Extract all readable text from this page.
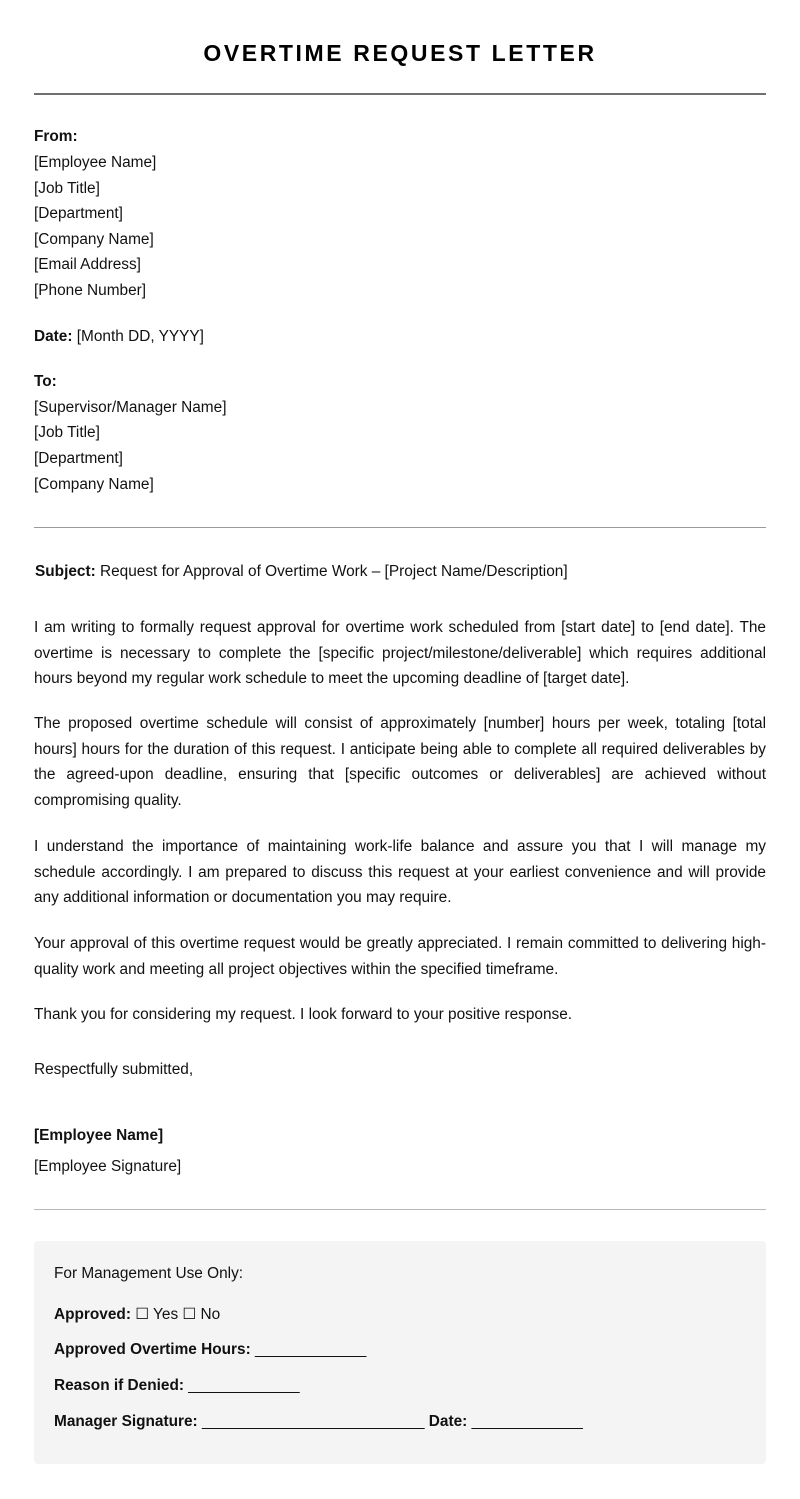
OVERTIME REQUEST LETTER
From:
[Employee Name]
[Job Title]
[Department]
[Company Name]
[Email Address]
[Phone Number]
Date: [Month DD, YYYY]
To:
[Supervisor/Manager Name]
[Job Title]
[Department]
[Company Name]
Subject: Request for Approval of Overtime Work – [Project Name/Description]
I am writing to formally request approval for overtime work scheduled from [start date] to [end date]. The overtime is necessary to complete the [specific project/milestone/deliverable] which requires additional hours beyond my regular work schedule to meet the upcoming deadline of [target date].
The proposed overtime schedule will consist of approximately [number] hours per week, totaling [total hours] hours for the duration of this request. I anticipate being able to complete all required deliverables by the agreed-upon deadline, ensuring that [specific outcomes or deliverables] are achieved without compromising quality.
I understand the importance of maintaining work-life balance and assure you that I will manage my schedule accordingly. I am prepared to discuss this request at your earliest convenience and will provide any additional information or documentation you may require.
Your approval of this overtime request would be greatly appreciated. I remain committed to delivering high-quality work and meeting all project objectives within the specified timeframe.
Thank you for considering my request. I look forward to your positive response.
Respectfully submitted,
[Employee Name]
[Employee Signature]
For Management Use Only:
Approved: ☐ Yes ☐ No
Approved Overtime Hours: _____________
Reason if Denied: _____________
Manager Signature: __________________________ Date: _____________
